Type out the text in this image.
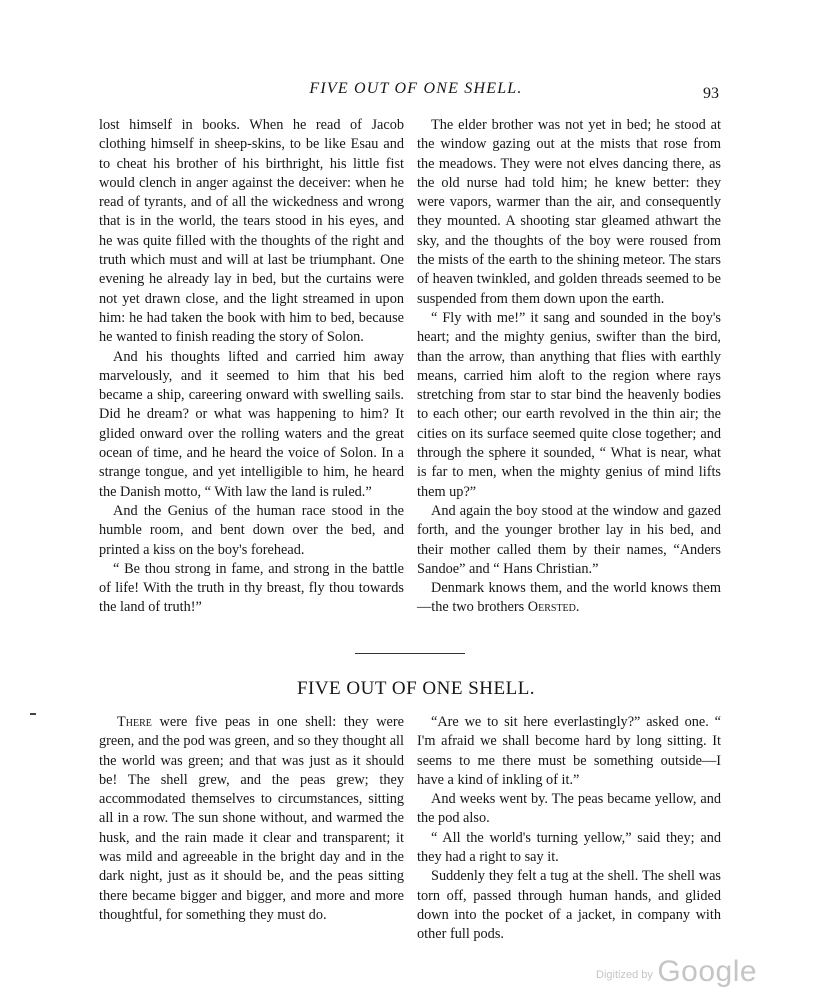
FIVE OUT OF ONE SHELL.	93

lost himself in books. When he read of Jacob clothing himself in sheep-skins, to be like Esau and to cheat his brother of his birthright, his little fist would clench in anger against the deceiver: when he read of tyrants, and of all the wickedness and wrong that is in the world, the tears stood in his eyes, and he was quite filled with the thoughts of the right and truth which must and will at last be triumphant. One evening he already lay in bed, but the curtains were not yet drawn close, and the light streamed in upon him: he had taken the book with him to bed, because he wanted to finish reading the story of Solon.

And his thoughts lifted and carried him away marvelously, and it seemed to him that his bed became a ship, careering onward with swelling sails. Did he dream? or what was happening to him? It glided onward over the rolling waters and the great ocean of time, and he heard the voice of Solon. In a strange tongue, and yet intelligible to him, he heard the Danish motto, “ With law the land is ruled.”

And the Genius of the human race stood in the humble room, and bent down over the bed, and printed a kiss on the boy's forehead.

“ Be thou strong in fame, and strong in the battle of life! With the truth in thy breast, fly thou towards the land of truth!”

The elder brother was not yet in bed; he stood at the window gazing out at the mists that rose from the meadows. They were not elves dancing there, as the old nurse had told him; he knew better: they were vapors, warmer than the air, and consequently they mounted. A shooting star gleamed athwart the sky, and the thoughts of the boy were roused from the mists of the earth to the shining meteor. The stars of heaven twinkled, and golden threads seemed to be suspended from them down upon the earth.

“ Fly with me!” it sang and sounded in the boy's heart; and the mighty genius, swifter than the bird, than the arrow, than anything that flies with earthly means, carried him aloft to the region where rays stretching from star to star bind the heavenly bodies to each other; our earth revolved in the thin air; the cities on its surface seemed quite close together; and through the sphere it sounded, “ What is near, what is far to men, when the mighty genius of mind lifts them up?”

And again the boy stood at the window and gazed forth, and the younger brother lay in his bed, and their mother called them by their names, “Anders Sandoe” and “ Hans Christian.”

Denmark knows them, and the world knows them—the two brothers Oersted.

FIVE OUT OF ONE SHELL.

There were five peas in one shell: they were green, and the pod was green, and so they thought all the world was green; and that was just as it should be! The shell grew, and the peas grew; they accommodated themselves to circumstances, sitting all in a row. The sun shone without, and warmed the husk, and the rain made it clear and transparent; it was mild and agreeable in the bright day and in the dark night, just as it should be, and the peas sitting there became bigger and bigger, and more and more thoughtful, for something they must do.

“Are we to sit here everlastingly?” asked one. “ I'm afraid we shall become hard by long sitting. It seems to me there must be something outside—I have a kind of inkling of it.”

And weeks went by. The peas became yellow, and the pod also.

“ All the world's turning yellow,” said they; and they had a right to say it.

Suddenly they felt a tug at the shell. The shell was torn off, passed through human hands, and glided down into the pocket of a jacket, in company with other full pods.

Digitized by Google
